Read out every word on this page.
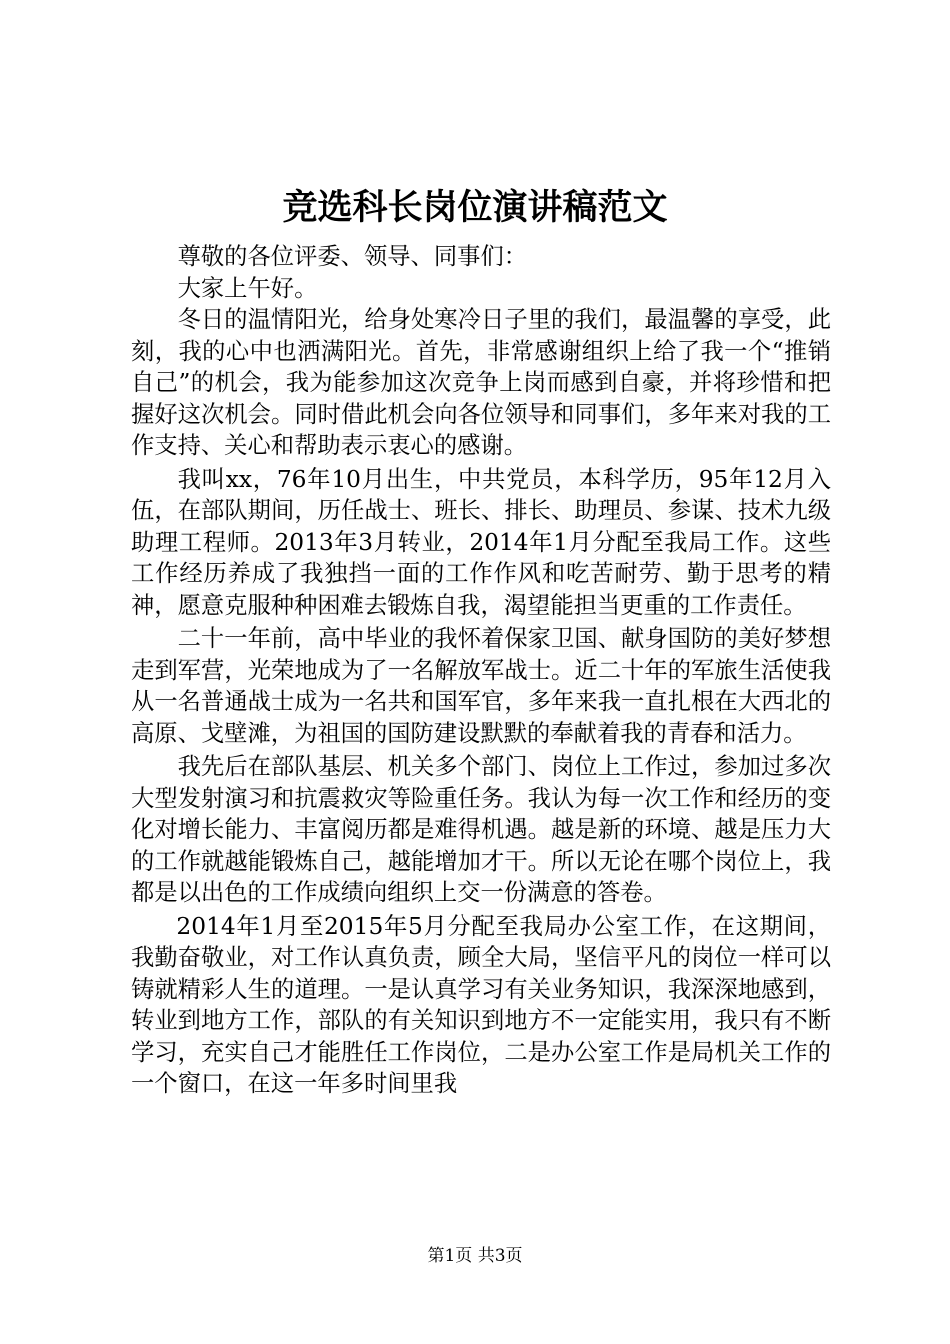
竞选科长岗位演讲稿范文

尊敬的各位评委、领导、同事们：

大家上午好。

冬日的温情阳光，给身处寒冷日子里的我们，最温馨的享受，此刻，我的心中也洒满阳光。首先，非常感谢组织上给了我一个“推销自己”的机会，我为能参加这次竞争上岗而感到自豪，并将珍惜和把握好这次机会。同时借此机会向各位领导和同事们，多年来对我的工作支持、关心和帮助表示衷心的感谢。

我叫xx，76年10月出生，中共党员，本科学历，95年12月入伍，在部队期间，历任战士、班长、排长、助理员、参谋、技术九级助理工程师。2013年3月转业，2014年1月分配至我局工作。这些工作经历养成了我独挡一面的工作作风和吃苦耐劳、勤于思考的精神，愿意克服种种困难去锻炼自我，渴望能担当更重的工作责任。

二十一年前，高中毕业的我怀着保家卫国、献身国防的美好梦想走到军营，光荣地成为了一名解放军战士。近二十年的军旅生活使我从一名普通战士成为一名共和国军官，多年来我一直扎根在大西北的高原、戈壁滩，为祖国的国防建设默默的奉献着我的青春和活力。

我先后在部队基层、机关多个部门、岗位上工作过，参加过多次大型发射演习和抗震救灾等险重任务。我认为每一次工作和经历的变化对增长能力、丰富阅历都是难得机遇。越是新的环境、越是压力大的工作就越能锻炼自己，越能增加才干。所以无论在哪个岗位上，我都是以出色的工作成绩向组织上交一份满意的答卷。

2014年1月至2015年5月分配至我局办公室工作，在这期间，我勤奋敬业，对工作认真负责，顾全大局，坚信平凡的岗位一样可以铸就精彩人生的道理。一是认真学习有关业务知识，我深深地感到，转业到地方工作，部队的有关知识到地方不一定能实用，我只有不断学习，充实自己才能胜任工作岗位，二是办公室工作是局机关工作的一个窗口，在这一年多时间里我

第1页 共3页
